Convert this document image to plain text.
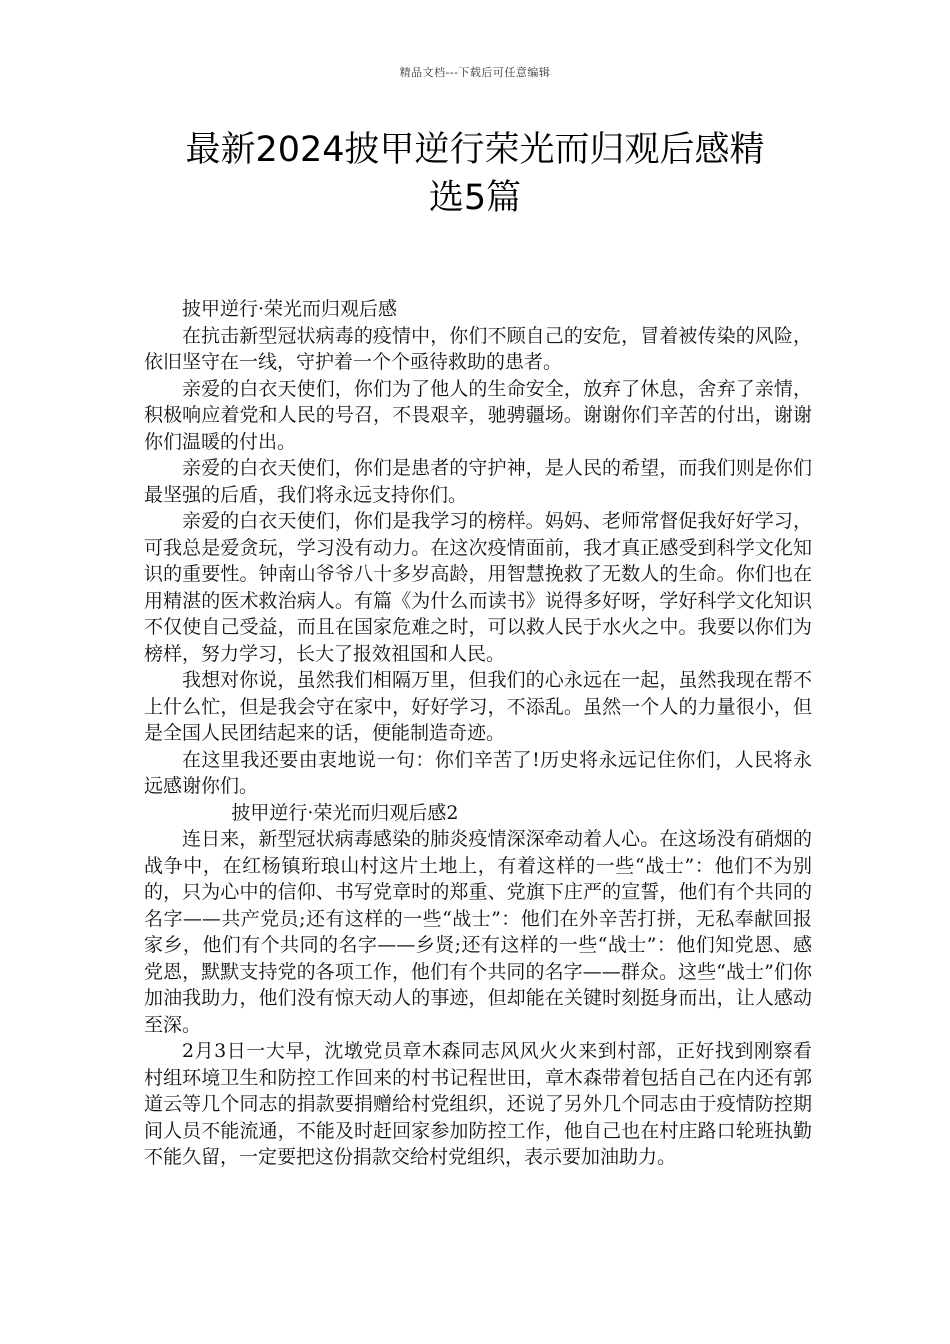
精品文档---下载后可任意编辑
最新2024披甲逆行荣光而归观后感精
选5篇
披甲逆行·荣光而归观后感

在抗击新型冠状病毒的疫情中，你们不顾自己的安危，冒着被传染的风险，依旧坚守在一线，守护着一个个亟待救助的患者。

亲爱的白衣天使们，你们为了他人的生命安全，放弃了休息，舍弃了亲情，积极响应着党和人民的号召，不畏艰辛，驰骋疆场。谢谢你们辛苦的付出，谢谢你们温暖的付出。

亲爱的白衣天使们，你们是患者的守护神，是人民的希望，而我们则是你们最坚强的后盾，我们将永远支持你们。

亲爱的白衣天使们，你们是我学习的榜样。妈妈、老师常督促我好好学习，可我总是爱贪玩，学习没有动力。在这次疫情面前，我才真正感受到科学文化知识的重要性。钟南山爷爷八十多岁高龄，用智慧挽救了无数人的生命。你们也在用精湛的医术救治病人。有篇《为什么而读书》说得多好呀，学好科学文化知识不仅使自己受益，而且在国家危难之时，可以救人民于水火之中。我要以你们为榜样，努力学习，长大了报效祖国和人民。

我想对你说，虽然我们相隔万里，但我们的心永远在一起，虽然我现在帮不上什么忙，但是我会守在家中，好好学习，不添乱。虽然一个人的力量很小，但是全国人民团结起来的话，便能制造奇迹。

在这里我还要由衷地说一句：你们辛苦了!历史将永远记住你们，人民将永远感谢你们。

披甲逆行·荣光而归观后感2

连日来，新型冠状病毒感染的肺炎疫情深深牵动着人心。在这场没有硝烟的战争中，在红杨镇珩琅山村这片土地上，有着这样的一些“战士”：他们不为别的，只为心中的信仰、书写党章时的郑重、党旗下庄严的宣誓，他们有个共同的名字——共产党员;还有这样的一些“战士”：他们在外辛苦打拼，无私奉献回报家乡，他们有个共同的名字——乡贤;还有这样的一些“战士”：他们知党恩、感党恩，默默支持党的各项工作，他们有个共同的名字——群众。这些“战士”们你加油我助力，他们没有惊天动人的事迹，但却能在关键时刻挺身而出，让人感动至深。

2月3日一大早，沈墩党员章木森同志风风火火来到村部，正好找到刚察看村组环境卫生和防控工作回来的村书记程世田，章木森带着包括自己在内还有郭道云等几个同志的捐款要捐赠给村党组织，还说了另外几个同志由于疫情防控期间人员不能流通，不能及时赶回家参加防控工作，他自己也在村庄路口轮班执勤不能久留，一定要把这份捐款交给村党组织，表示要加油助力。
